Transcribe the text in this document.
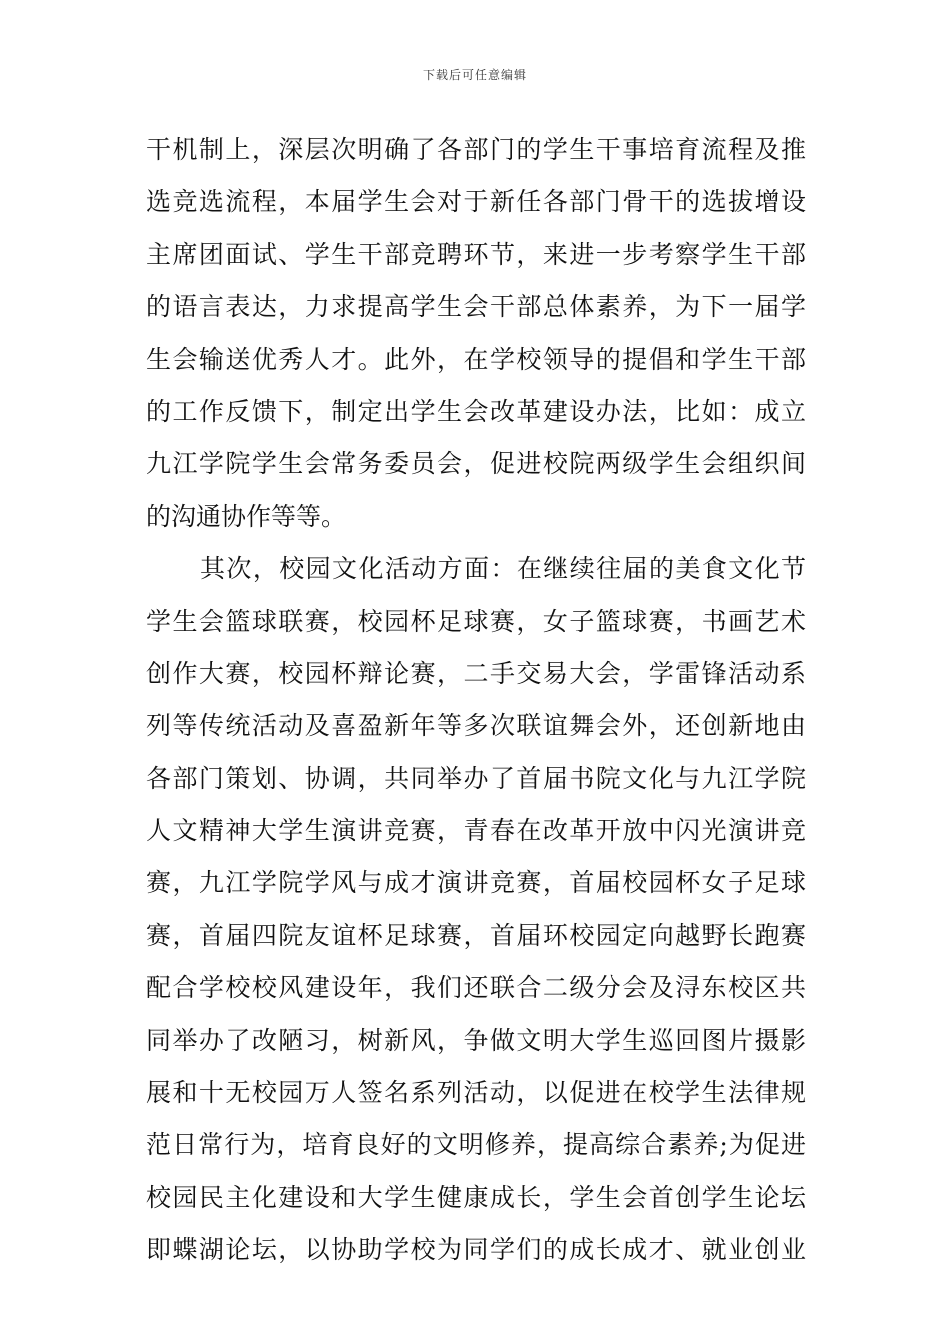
下载后可任意编辑
干机制上，深层次明确了各部门的学生干事培育流程及推
选竞选流程，本届学生会对于新任各部门骨干的选拔增设
主席团面试、学生干部竞聘环节，来进一步考察学生干部
的语言表达，力求提高学生会干部总体素养，为下一届学
生会输送优秀人才。此外，在学校领导的提倡和学生干部
的工作反馈下，制定出学生会改革建设办法，比如：成立
九江学院学生会常务委员会，促进校院两级学生会组织间
的沟通协作等等。
其次，校园文化活动方面：在继续往届的美食文化节
学生会篮球联赛，校园杯足球赛，女子篮球赛，书画艺术
创作大赛，校园杯辩论赛，二手交易大会，学雷锋活动系
列等传统活动及喜盈新年等多次联谊舞会外，还创新地由
各部门策划、协调，共同举办了首届书院文化与九江学院
人文精神大学生演讲竞赛，青春在改革开放中闪光演讲竞
赛，九江学院学风与成才演讲竞赛，首届校园杯女子足球
赛，首届四院友谊杯足球赛，首届环校园定向越野长跑赛
配合学校校风建设年，我们还联合二级分会及浔东校区共
同举办了改陋习，树新风，争做文明大学生巡回图片摄影
展和十无校园万人签名系列活动，以促进在校学生法律规
范日常行为，培育良好的文明修养，提高综合素养;为促进
校园民主化建设和大学生健康成长，学生会首创学生论坛
即蝶湖论坛，以协助学校为同学们的成长成才、就业创业
